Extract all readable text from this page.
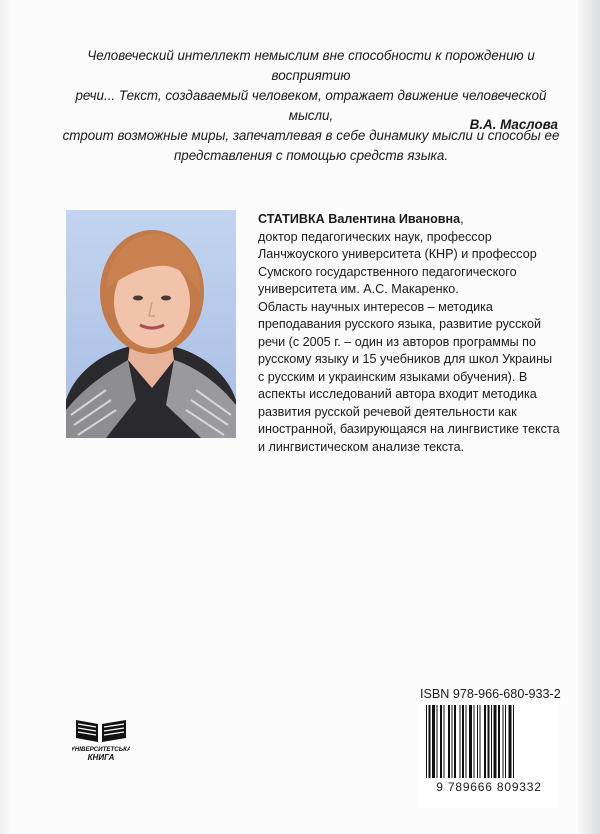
Человеческий интеллект немыслим вне способности к порождению и восприятию
речи... Текст, создаваемый человеком, отражает движение человеческой мысли,
строит возможные миры, запечатлевая в себе динамику мысли и способы ее
представления с помощью средств языка.
В.А. Маслова
СТАТИВКА Валентина Ивановна,
доктор педагогических наук, профессор
Ланчжоуского университета (КНР) и профессор
Сумского государственного педагогического
университета им. А.С. Макаренко.
Область научных интересов – методика
преподавания русского языка, развитие русской
речи (с 2005 г. – один из авторов программы по
русскому языку и 15 учебников для школ Украины
с русским и украинским языками обучения). В
аспекты исследований автора входит методика
развития русской речевой деятельности как
иностранной, базирующаяся на лингвистике текста
и лингвистическом анализе текста.
УНІВЕРСИТЕТСЬКА
КНИГА
ISBN 978-966-680-933-2
9 789666 809332
